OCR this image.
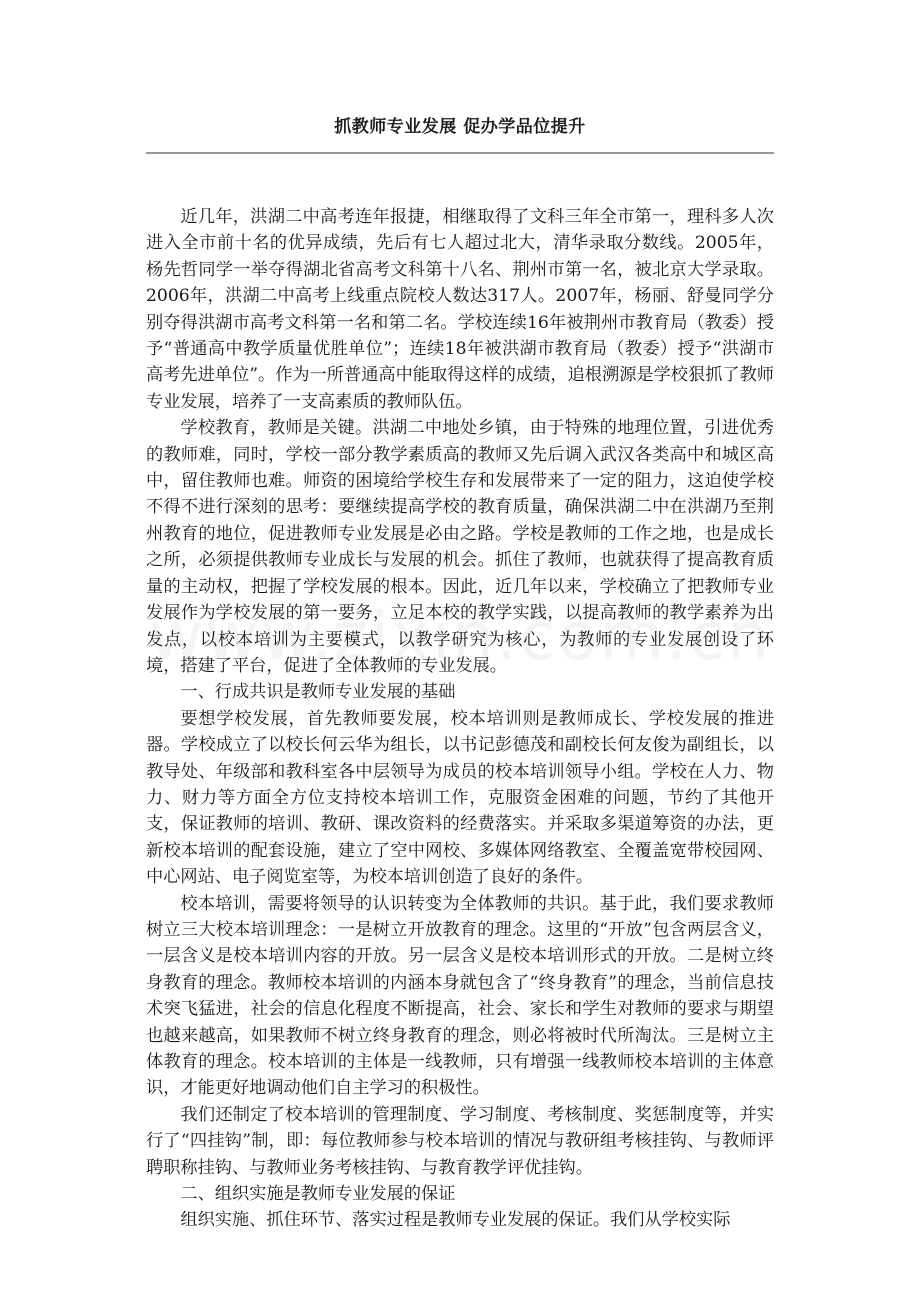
抓教师专业发展 促办学品位提升

近几年，洪湖二中高考连年报捷，相继取得了文科三年全市第一，理科多人次进入全市前十名的优异成绩，先后有七人超过北大，清华录取分数线。2005年，杨先哲同学一举夺得湖北省高考文科第十八名、荆州市第一名，被北京大学录取。2006年，洪湖二中高考上线重点院校人数达317人。2007年，杨丽、舒曼同学分别夺得洪湖市高考文科第一名和第二名。学校连续16年被荆州市教育局（教委）授予“普通高中教学质量优胜单位”；连续18年被洪湖市教育局（教委）授予“洪湖市高考先进单位”。作为一所普通高中能取得这样的成绩，追根溯源是学校狠抓了教师专业发展，培养了一支高素质的教师队伍。

学校教育，教师是关键。洪湖二中地处乡镇，由于特殊的地理位置，引进优秀的教师难，同时，学校一部分教学素质高的教师又先后调入武汉各类高中和城区高中，留住教师也难。师资的困境给学校生存和发展带来了一定的阻力，这迫使学校不得不进行深刻的思考：要继续提高学校的教育质量，确保洪湖二中在洪湖乃至荆州教育的地位，促进教师专业发展是必由之路。学校是教师的工作之地，也是成长之所，必须提供教师专业成长与发展的机会。抓住了教师，也就获得了提高教育质量的主动权，把握了学校发展的根本。因此，近几年以来，学校确立了把教师专业发展作为学校发展的第一要务，立足本校的教学实践，以提高教师的教学素养为出发点，以校本培训为主要模式，以教学研究为核心，为教师的专业发展创设了环境，搭建了平台，促进了全体教师的专业发展。

一、行成共识是教师专业发展的基础

要想学校发展，首先教师要发展，校本培训则是教师成长、学校发展的推进器。学校成立了以校长何云华为组长，以书记彭德茂和副校长何友俊为副组长，以教导处、年级部和教科室各中层领导为成员的校本培训领导小组。学校在人力、物力、财力等方面全方位支持校本培训工作，克服资金困难的问题，节约了其他开支，保证教师的培训、教研、课改资料的经费落实。并采取多渠道筹资的办法，更新校本培训的配套设施，建立了空中网校、多媒体网络教室、全覆盖宽带校园网、中心网站、电子阅览室等，为校本培训创造了良好的条件。

校本培训，需要将领导的认识转变为全体教师的共识。基于此，我们要求教师树立三大校本培训理念：一是树立开放教育的理念。这里的“开放”包含两层含义，一层含义是校本培训内容的开放。另一层含义是校本培训形式的开放。二是树立终身教育的理念。教师校本培训的内涵本身就包含了“终身教育”的理念，当前信息技术突飞猛进，社会的信息化程度不断提高，社会、家长和学生对教师的要求与期望也越来越高，如果教师不树立终身教育的理念，则必将被时代所淘汰。三是树立主体教育的理念。校本培训的主体是一线教师，只有增强一线教师校本培训的主体意识，才能更好地调动他们自主学习的积极性。

我们还制定了校本培训的管理制度、学习制度、考核制度、奖惩制度等，并实行了“四挂钩”制，即：每位教师参与校本培训的情况与教研组考核挂钩、与教师评聘职称挂钩、与教师业务考核挂钩、与教育教学评优挂钩。

二、组织实施是教师专业发展的保证

组织实施、抓住环节、落实过程是教师专业发展的保证。我们从学校实际
